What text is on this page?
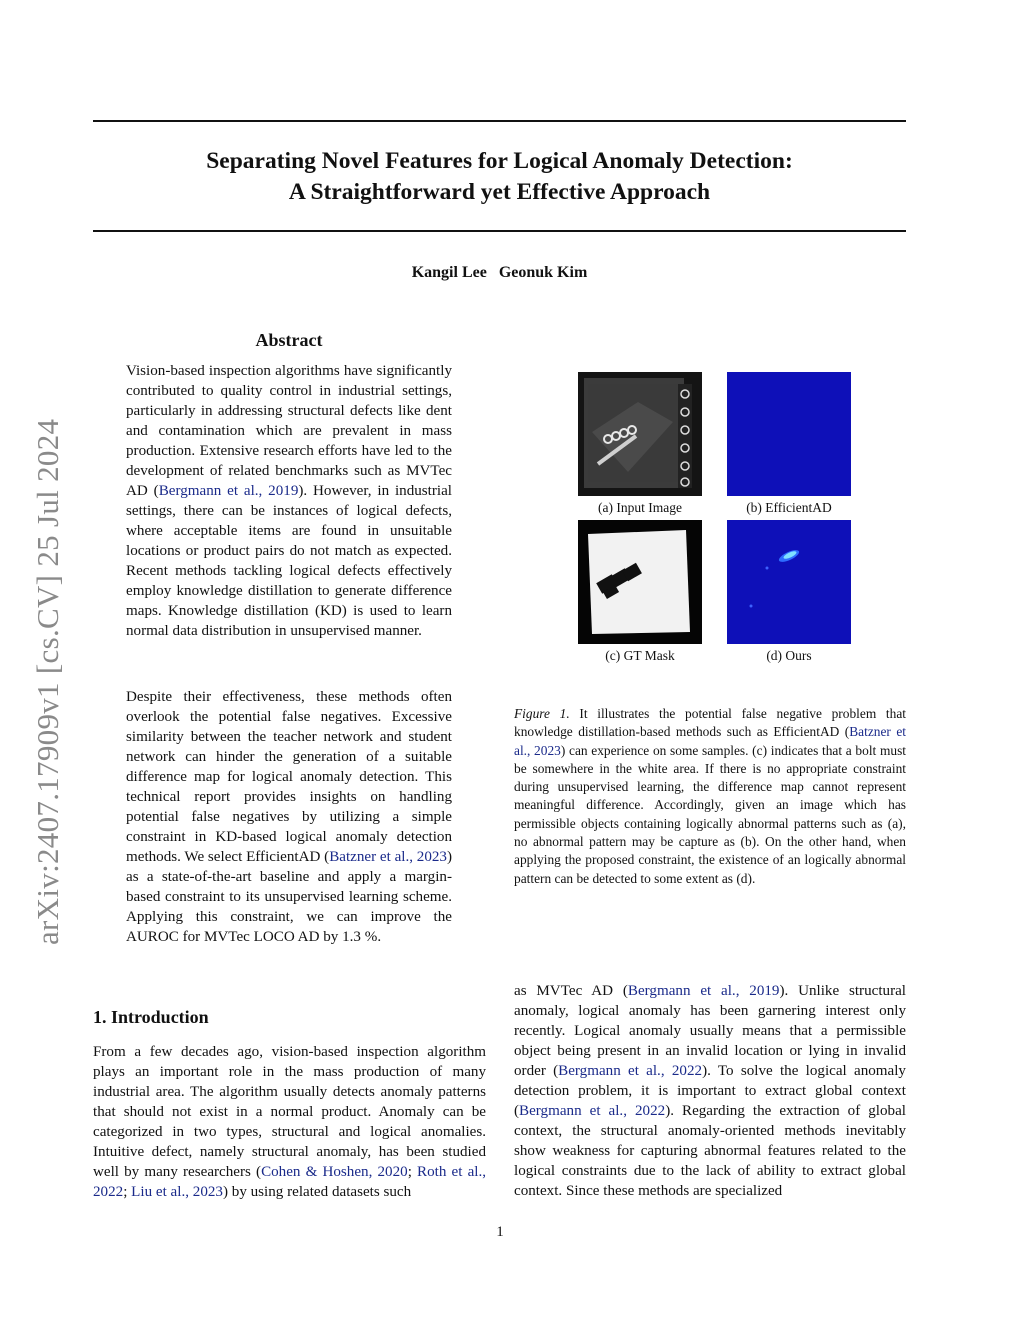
Separating Novel Features for Logical Anomaly Detection:
A Straightforward yet Effective Approach
Kangil Lee Geonuk Kim
arXiv:2407.17909v1 [cs.CV] 25 Jul 2024
Abstract
Vision-based inspection algorithms have significantly contributed to quality control in industrial settings, particularly in addressing structural defects like dent and contamination which are prevalent in mass production. Extensive research efforts have led to the development of related benchmarks such as MVTec AD (Bergmann et al., 2019). However, in industrial settings, there can be instances of logical defects, where acceptable items are found in unsuitable locations or product pairs do not match as expected. Recent methods tackling logical defects effectively employ knowledge distillation to generate difference maps. Knowledge distillation (KD) is used to learn normal data distribution in unsupervised manner.
Despite their effectiveness, these methods often overlook the potential false negatives. Excessive similarity between the teacher network and student network can hinder the generation of a suitable difference map for logical anomaly detection. This technical report provides insights on handling potential false negatives by utilizing a simple constraint in KD-based logical anomaly detection methods. We select EfficientAD (Batzner et al., 2023) as a state-of-the-art baseline and apply a margin-based constraint to its unsupervised learning scheme. Applying this constraint, we can improve the AUROC for MVTec LOCO AD by 1.3 %.
(a) Input Image	(b) EfficientAD
(c) GT Mask	(d) Ours
Figure 1. It illustrates the potential false negative problem that knowledge distillation-based methods such as EfficientAD (Batzner et al., 2023) can experience on some samples. (c) indicates that a bolt must be somewhere in the white area. If there is no appropriate constraint during unsupervised learning, the difference map cannot represent meaningful difference. Accordingly, given an image which has permissible objects containing logically abnormal patterns such as (a), no abnormal pattern may be capture as (b). On the other hand, when applying the proposed constraint, the existence of an logically abnormal pattern can be detected to some extent as (d).
1. Introduction
From a few decades ago, vision-based inspection algorithm plays an important role in the mass production of many industrial area. The algorithm usually detects anomaly patterns that should not exist in a normal product. Anomaly can be categorized in two types, structural and logical anomalies. Intuitive defect, namely structural anomaly, has been studied well by many researchers (Cohen & Hoshen, 2020; Roth et al., 2022; Liu et al., 2023) by using related datasets such
as MVTec AD (Bergmann et al., 2019). Unlike structural anomaly, logical anomaly has been garnering interest only recently. Logical anomaly usually means that a permissible object being present in an invalid location or lying in invalid order (Bergmann et al., 2022). To solve the logical anomaly detection problem, it is important to extract global context (Bergmann et al., 2022). Regarding the extraction of global context, the structural anomaly-oriented methods inevitably show weakness for capturing abnormal features related to the logical constraints due to the lack of ability to extract global context. Since these methods are specialized
1
